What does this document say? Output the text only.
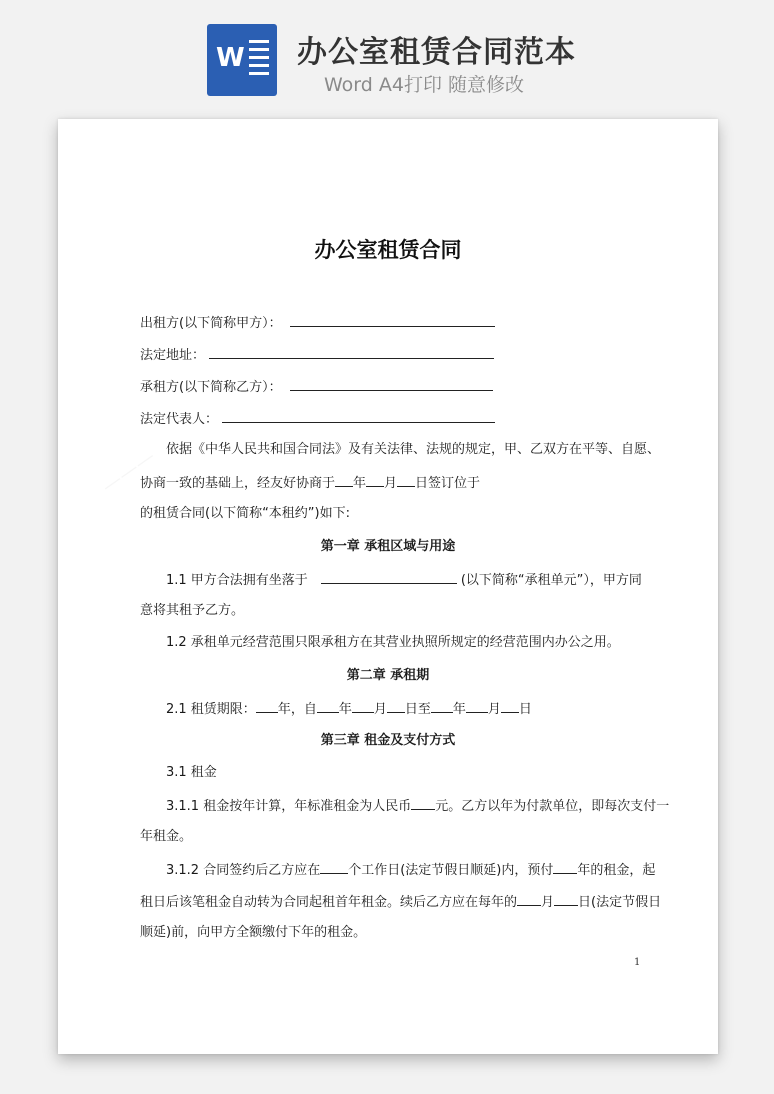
W 办公室租赁合同范本
Word A4打印 随意修改
办公室租赁合同
出租方(以下简称甲方）：
法定地址：
承租方(以下简称乙方）：
法定代表人：
依据《中华人民共和国合同法》及有关法律、法规的规定，甲、乙双方在平等、自愿、
协商一致的基础上，经友好协商于 年 月 日签订位于
的租赁合同(以下简称“本租约”)如下:
第一章 承租区域与用途
1.1 甲方合法拥有坐落于	(以下简称“承租单元”），甲方同
意将其租予乙方。
1.2 承租单元经营范围只限承租方在其营业执照所规定的经营范围内办公之用。
第二章 承租期
2.1 租赁期限： 年，自 年 月 日至 年 月 日
第三章 租金及支付方式
3.1 租金
3.1.1 租金按年计算，年标准租金为人民币 元。乙方以年为付款单位，即每次支付一
年租金。
3.1.2 合同签约后乙方应在 个工作日(法定节假日顺延)内，预付 年的租金，起
租日后该笔租金自动转为合同起租首年租金。续后乙方应在每年的 月 日(法定节假日
顺延)前，向甲方全额缴付下年的租金。
1
